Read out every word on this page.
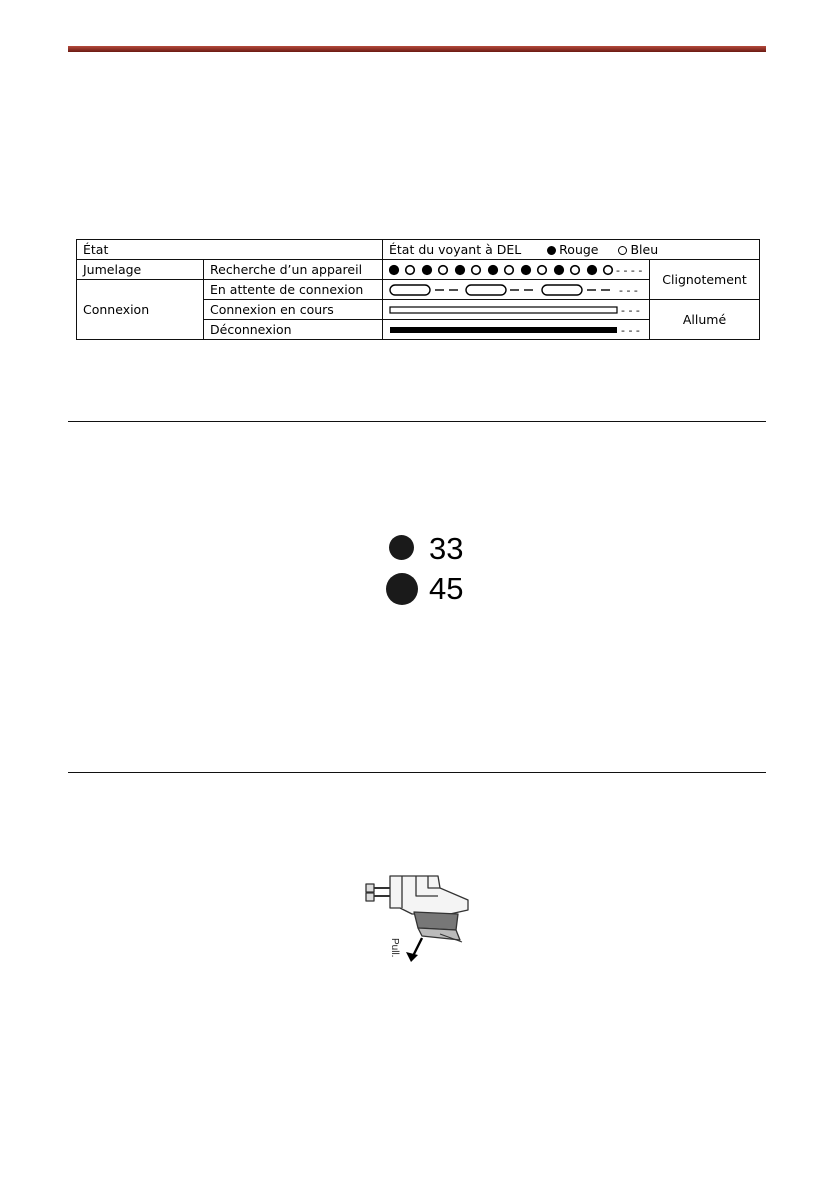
État		État du voyant à DEL Rouge Bleu	
Jumelage	Recherche d’un appareil	- - - -	Clignotement
Connexion	En attente de connexion	- - -	

	Connexion en cours	- - -	Allumé
	Déconnexion	- - -	
33
45
Pull.
